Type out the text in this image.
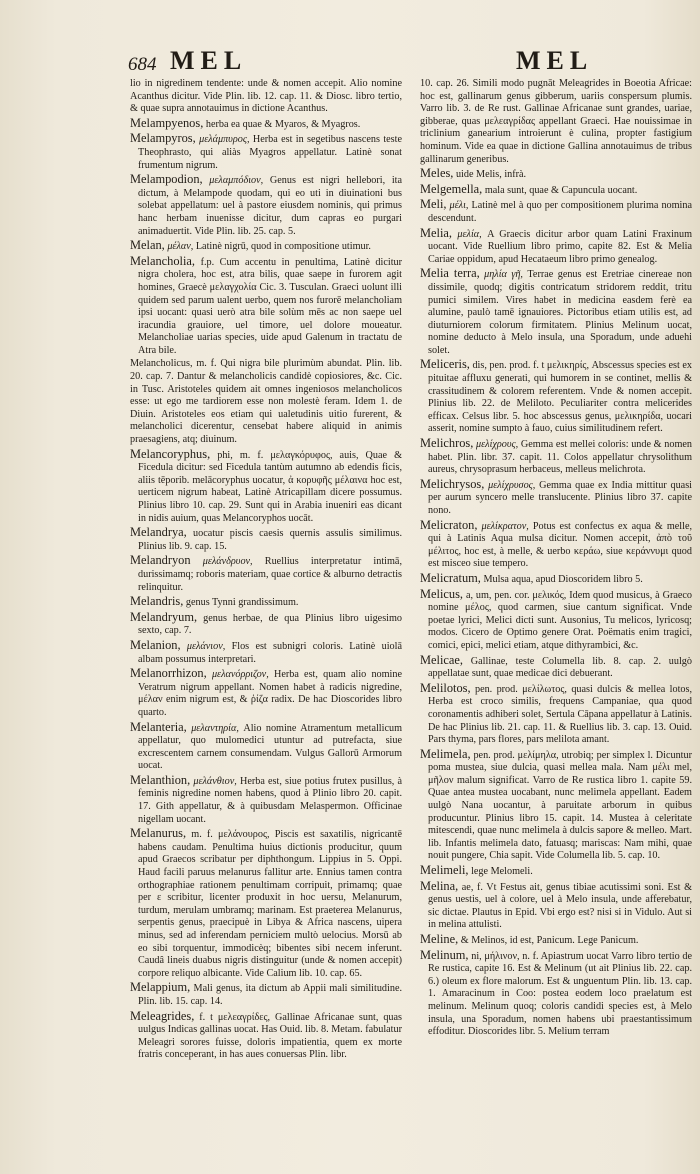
684 MEL	MEL

lio in nigredinem tendente: unde & nomen accepit. Alio nomine Acanthus dicitur. Vide Plin. lib. 12. cap. 11. & Diosc. libro tertio, & quae supra annotauimus in dictione Acanthus.

Melampyenos, herba ea quae & Myaros, & Myagros.

Melampyros, μελάμπυρος, Herba est in segetibus nascens teste Theophrasto, qui aliàs Myagros appellatur. Latinè sonat frumentum nigrum.

Melampodion, μελαμπόδιον, Genus est nigri hellebori, ita dictum, à Melampode quodam, qui eo uti in diuinationi bus solebat appellatum: uel à pastore eiusdem nominis, qui primus hanc herbam inuenisse dicitur, dum capras eo purgari animaduertit. Vide Plin. lib. 25. cap. 5.

Melan, μέλαν, Latinè nigrū, quod in compositione utimur.

Melancholia, f.p. Cum accentu in penultima, Latinè dicitur nigra cholera, hoc est, atra bilis, quae saepe in furorem agit homines, Graecè μελαγχολία Cic. 3. Tusculan. Graeci uolunt illi quidem sed parum ualent uerbo, quem nos furorē melancholiam ipsi uocant: quasi uerò atra bile solùm mēs ac non saepe uel iracundia grauiore, uel timore, uel dolore moueatur. Melancholiae uarias species, uide apud Galenum in tractatu de Atra bile.

Melancholicus, m. f. Qui nigra bile plurimùm abundat. Plin. lib. 20. cap. 7. Dantur & melancholicis candidè copiosiores, &c. Cic. in Tusc. Aristoteles quidem ait omnes ingeniosos melancholicos esse: ut ego me tardiorem esse non molestè feram. Idem 1. de Diuin. Aristoteles eos etiam qui ualetudinis uitio furerent, & melancholici dicerentur, censebat habere aliquid in animis praesagiens, atq; diuinum.

Melancoryphus, phi, m. f. μελαγκόρυφος, auis, Quae & Ficedula dicitur: sed Ficedula tantùm autumno ab edendis ficis, aliis tēporib. melācoryphus uocatur, ἀ κορυφῆς μέλαινα hoc est, uerticem nigrum habeat, Latinè Atricapillam dicere possumus. Plinius libro 10. cap. 29. Sunt qui in Arabia inueniri eas dicant in nidis auium, quas Melancoryphos uocāt.

Melandrya, uocatur piscis caesis quernis assulis similimus. Plinius lib. 9. cap. 15.

Melandryon μελάνδρυον, Ruellius interpretatur intimā, durissimamq; roboris materiam, quae cortice & alburno detractis relinquitur.

Melandris, genus Tynni grandissimum.

Melandryum, genus herbae, de qua Plinius libro uigesimo sexto, cap. 7.

Melanion, μελάνιον, Flos est subnigri coloris. Latinè uiolā albam possumus interpretari.

Melanorrhizon, μελανόρριζον, Herba est, quam alio nomine Veratrum nigrum appellant. Nomen habet à radicis nigredine, μέλαν enim nigrum est, & ῥίζα radix. De hac Dioscorides libro quarto.

Melanteria, μελαντηρία, Alio nomine Atramentum metallicum appellatur, quo mulomedici utuntur ad putrefacta, siue excrescentem carnem consumendam. Vulgus Gallorū Armorum uocat.

Melanthion, μελάνθιον, Herba est, siue potius frutex pusillus, à feminis nigredine nomen habens, quod à Plinio libro 20. capit. 17. Gith appellatur, & à quibusdam Melaspermon. Officinae nigellam uocant.

Melanurus, m. f. μελάνουρος, Piscis est saxatilis, nigricantē habens caudam. Penultima huius dictionis producitur, quum apud Graecos scribatur per diphthongum. Lippius in 5. Oppi. Haud facili paruus melanurus fallitur arte. Ennius tamen contra orthographiae rationem penultimam corripuit, primamq; quae per ε scribitur, licenter produxit in hoc uersu, Melanurum, turdum, merulam umbramq; marinam. Est praeterea Melanurus, serpentis genus, praecipuè in Libya & Africa nascens, uipera minus, sed ad inferendam perniciem multò uelocius. Morsū ab eo sibi torquentur, immodicèq; bibentes sibi necem inferunt. Caudâ lineis duabus nigris distinguitur (unde & nomen accepit) corpore reliquo albicante. Vide Calium lib. 10. cap. 65.

Melappium, Mali genus, ita dictum ab Appii mali similitudine. Plin. lib. 15. cap. 14.

Meleagrides, f. t μελεαγρίδες, Gallinae Africanae sunt, quas uulgus Indicas gallinas uocat. Has Ouid. lib. 8. Metam. fabulatur Meleagri sorores fuisse, doloris impatientia, quem ex morte fratris conceperant, in has aues conuersas Plin. libr.

10. cap. 26. Simili modo pugnāt Meleagrides in Boeotia Africae: hoc est, gallinarum genus gibberum, uariis conspersum plumis. Varro lib. 3. de Re rust. Gallinae Africanae sunt grandes, uariae, gibberae, quas μελεαγρίδας appellant Graeci. Hae nouissimae in triclinium ganearium introierunt è culina, propter fastigium hominum. Vide ea quae in dictione Gallina annotauimus de tribus gallinarum generibus.

Meles, uide Melis, infrà.

Melgemella, mala sunt, quae & Capuncula uocant.

Meli, μέλι, Latinè mel à quo per compositionem plurima nomina descendunt.

Melia, μελία, A Graecis dicitur arbor quam Latini Fraxinum uocant. Vide Ruellium libro primo, capite 82. Est & Melia Cariae oppidum, apud Hecataeum libro primo genealog.

Melia terra, μηλία γῆ, Terrae genus est Eretriae cinereae non dissimile, quodq; digitis contricatum stridorem reddit, tritu pumici similem. Vires habet in medicina easdem ferè ea alumine, paulò tamē ignauiores. Pictoribus etiam utilis est, ad diuturniorem colorum firmitatem. Plinius Melinum uocat, nomine deducto à Melo insula, una Sporadum, unde aduehi solet.

Meliceris, dis, pen. prod. f. t μελικηρίς, Abscessus species est ex pituitae affluxu generati, qui humorem in se continet, mellis & crassitudinem & colorem referentem. Vnde & nomen accepit. Plinius lib. 22. de Meliloto. Peculiariter contra melicerides efficax. Celsus libr. 5. hoc abscessus genus, μελικηρίδα, uocari asserit, nomine sumpto à fauo, cuius similitudinem refert.

Melichros, μελίχρους, Gemma est mellei coloris: unde & nomen habet. Plin. libr. 37. capit. 11. Colos appellatur chrysolithum aureus, chrysoprasum herbaceus, melleus melichrota.

Melichrysos, μελίχρυσος, Gemma quae ex India mittitur quasi per aurum syncero melle translucente. Plinius libro 37. capite nono.

Melicraton, μελίκρατον, Potus est confectus ex aqua & melle, qui à Latinis Aqua mulsa dicitur. Nomen accepit, ἀπὸ τοῦ μέλιτος, hoc est, à melle, & uerbo κεράω, siue κεράννυμι quod est misceo siue tempero.

Melicratum, Mulsa aqua, apud Dioscoridem libro 5.

Melicus, a, um, pen. cor. μελικός, Idem quod musicus, à Graeco nomine μέλος, quod carmen, siue cantum significat. Vnde poetae lyrici, Melici dicti sunt. Ausonius, Tu melicos, lyricosq; modos. Cicero de Optimo genere Orat. Poëmatis enim tragici, comici, epici, melici etiam, atque dithyrambici, &c.

Melicae, Gallinae, teste Columella lib. 8. cap. 2. uulgò appellatae sunt, quae medicae dici debuerant.

Melilotos, pen. prod. μελίλωτος, quasi dulcis & mellea lotos, Herba est croco similis, frequens Campaniae, qua quod coronamentis adhiberi solet, Sertula Cāpana appellatur à Latinis. De hac Plinius lib. 21. cap. 11. & Ruellius lib. 3. cap. 13. Ouid. Pars thyma, pars flores, pars melilota amant.

Melimela, pen. prod. μελίμηλα, utrobiq; per simplex l. Dicuntur poma mustea, siue dulcia, quasi mellea mala. Nam μέλι mel, μῆλον malum significat. Varro de Re rustica libro 1. capite 59. Quae antea mustea uocabant, nunc melimela appellant. Eadem uulgò Nana uocantur, à paruitate arborum in quibus producuntur. Plinius libro 15. capit. 14. Mustea à celeritate mitescendi, quae nunc melimela à dulcis sapore & melleo. Mart. lib. Infantis melimela dato, fatuasq; mariscas: Nam mihi, quae nouit pungere, Chia sapit. Vide Columella lib. 5. cap. 10.

Melimeli, lege Melomeli.

Melina, ae, f. Vt Festus ait, genus tibiae acutissimi soni. Est & genus uestis, uel à colore, uel à Melo insula, unde afferebatur, sic dictae. Plautus in Epid. Vbi ergo est? nisi si in Vidulo. Aut si in melina attulisti.

Meline, & Melinos, id est, Panicum. Lege Panicum.

Melinum, ni, μήλινον, n. f. Apiastrum uocat Varro libro tertio de Re rustica, capite 16. Est & Melinum (ut ait Plinius lib. 22. cap. 6.) oleum ex flore malorum. Est & unguentum Plin. lib. 13. cap. 1. Amaracinum in Coo: postea eodem loco praelatum est melinum. Melinum quoq; coloris candidi species est, à Melo insula, una Sporadum, nomen habens ubi praestantissimum effoditur. Dioscorides libr. 5. Melium terram
